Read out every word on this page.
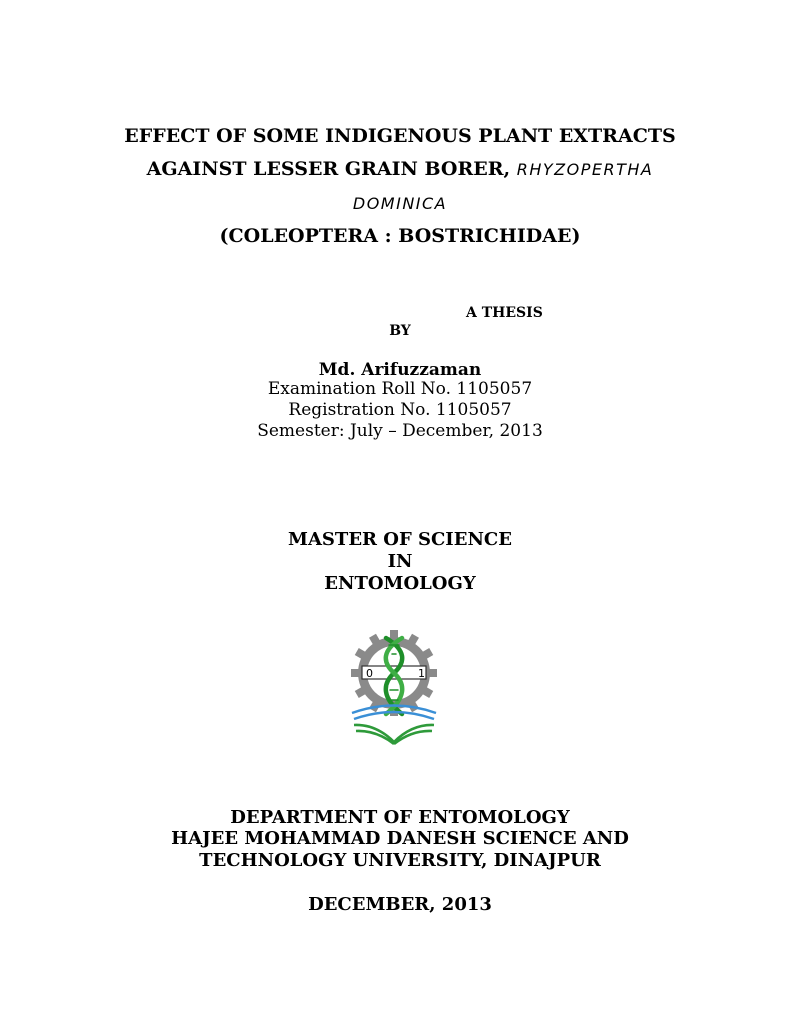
EFFECT OF SOME INDIGENOUS PLANT EXTRACTS
AGAINST LESSER GRAIN BORER, RHYZOPERTHA
DOMINICA
(COLEOPTERA : BOSTRICHIDAE)
A THESIS
BY
Md. Arifuzzaman
Examination Roll No. 1105057
Registration No. 1105057
Semester: July – December, 2013
MASTER OF SCIENCE
IN
ENTOMOLOGY
0	1
DEPARTMENT OF ENTOMOLOGY
HAJEE MOHAMMAD DANESH SCIENCE AND
TECHNOLOGY UNIVERSITY, DINAJPUR
DECEMBER, 2013
